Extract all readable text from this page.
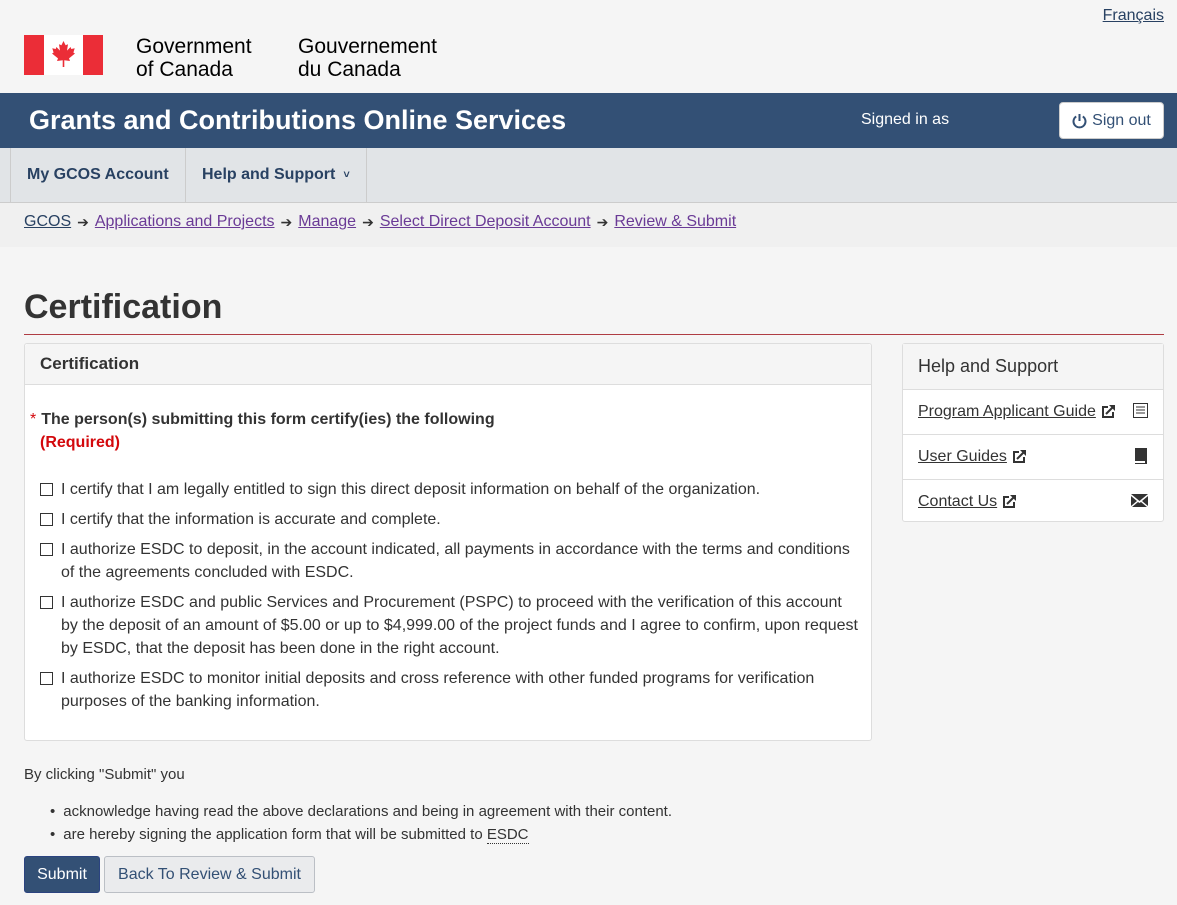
Français
Government
of Canada
Gouvernement
du Canada
Grants and Contributions Online Services	Signed in as	Sign out
My GCOS Account Help and Support ˅
GCOS ➔ Applications and Projects ➔ Manage ➔ Select Direct Deposit Account ➔ Review & Submit
Certification
Certification
* The person(s) submitting this form certify(ies) the following
(Required)
I certify that I am legally entitled to sign this direct deposit information on behalf of the organization.
I certify that the information is accurate and complete.
I authorize ESDC to deposit, in the account indicated, all payments in accordance with the terms and conditions of the agreements concluded with ESDC.
I authorize ESDC and public Services and Procurement (PSPC) to proceed with the verification of this account by the deposit of an amount of $5.00 or up to $4,999.00 of the project funds and I agree to confirm, upon request by ESDC, that the deposit has been done in the right account.
I authorize ESDC to monitor initial deposits and cross reference with other funded programs for verification purposes of the banking information.
Help and Support
Program Applicant Guide
User Guides
Contact Us
By clicking "Submit" you
• acknowledge having read the above declarations and being in agreement with their content.
• are hereby signing the application form that will be submitted to ESDC
Submit	Back To Review & Submit
